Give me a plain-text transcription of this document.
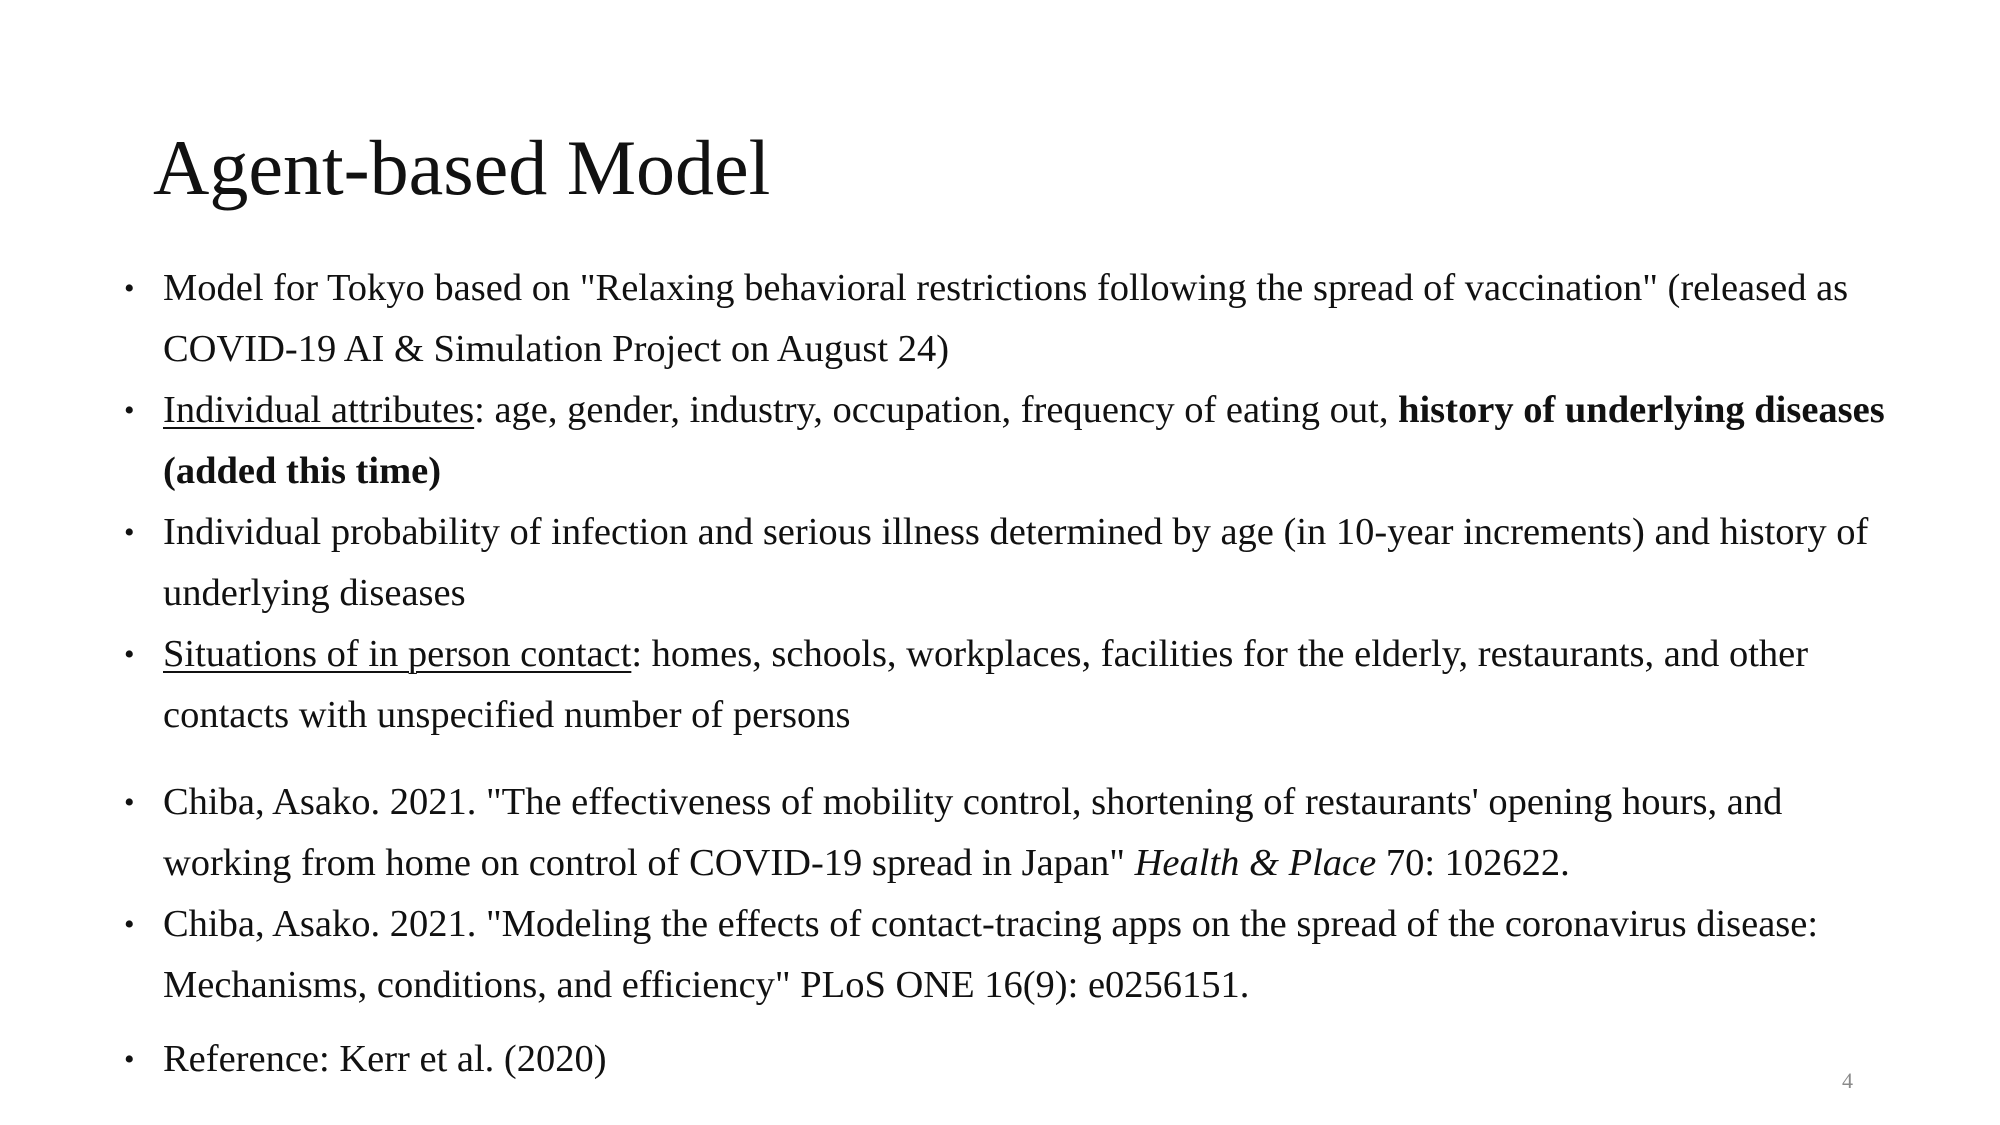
Agent-based Model
• Model for Tokyo based on "Relaxing behavioral restrictions following the spread of vaccination" (released as COVID-19 AI & Simulation Project on August 24)
• Individual attributes: age, gender, industry, occupation, frequency of eating out, history of underlying diseases (added this time)
• Individual probability of infection and serious illness determined by age (in 10-year increments) and history of underlying diseases
• Situations of in person contact: homes, schools, workplaces, facilities for the elderly, restaurants, and other contacts with unspecified number of persons
• Chiba, Asako. 2021. "The effectiveness of mobility control, shortening of restaurants' opening hours, and working from home on control of COVID-19 spread in Japan" Health & Place 70: 102622.
• Chiba, Asako. 2021. "Modeling the effects of contact-tracing apps on the spread of the coronavirus disease: Mechanisms, conditions, and efficiency" PLoS ONE 16(9): e0256151.
• Reference: Kerr et al. (2020)
4
